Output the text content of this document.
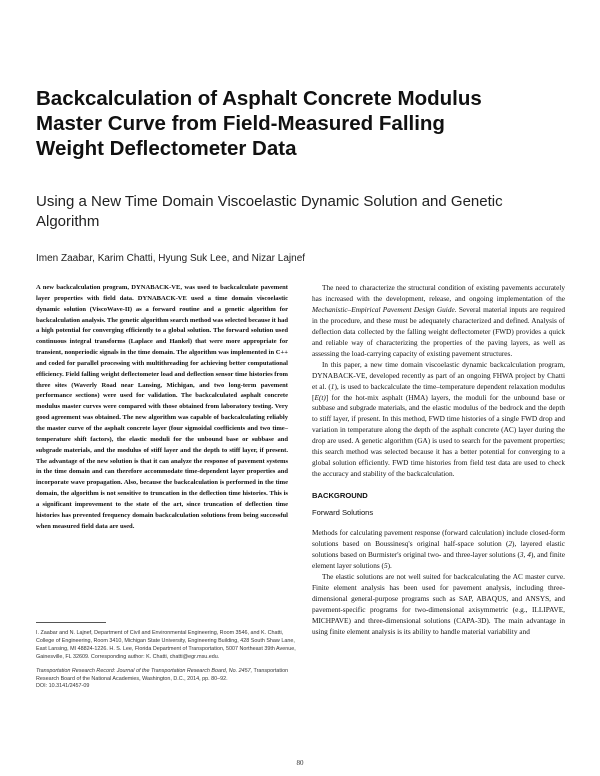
Backcalculation of Asphalt Concrete Modulus Master Curve from Field-Measured Falling Weight Deflectometer Data
Using a New Time Domain Viscoelastic Dynamic Solution and Genetic Algorithm

Imen Zaabar, Karim Chatti, Hyung Suk Lee, and Nizar Lajnef

A new backcalculation program, DYNABACK-VE, was used to backcalculate pavement layer properties with field data. DYNABACK-VE used a time domain viscoelastic dynamic solution (ViscoWave-II) as a forward routine and a genetic algorithm for backcalculation analysis. The genetic algorithm search method was selected because it had a high potential for converging efficiently to a global solution. The forward solution used continuous integral transforms (Laplace and Hankel) that were more appropriate for transient, nonperiodic signals in the time domain. The algorithm was implemented in C++ and coded for parallel processing with multithreading for achieving better computational efficiency. Field falling weight deflectometer load and deflection sensor time histories from three sites (Waverly Road near Lansing, Michigan, and two long-term pavement performance sections) were used for validation. The backcalculated asphalt concrete modulus master curves were compared with those obtained from laboratory testing. Very good agreement was obtained. The new algorithm was capable of backcalculating reliably the master curve of the asphalt concrete layer (four sigmoidal coefficients and two time–temperature shift factors), the elastic moduli for the unbound base or subbase and subgrade materials, and the modulus of stiff layer and the depth to stiff layer, if present. The advantage of the new solution is that it can analyze the response of pavement systems in the time domain and can therefore accommodate time-dependent layer properties and incorporate wave propagation. Also, because the backcalculation is performed in the time domain, the algorithm is not sensitive to truncation in the deflection time histories. This is a significant improvement to the state of the art, since truncation of deflection time histories has prevented frequency domain backcalculation solutions from being successful when measured field data are used.

I. Zaabar and N. Lajnef, Department of Civil and Environmental Engineering, Room 3546, and K. Chatti, College of Engineering, Room 3410, Michigan State University, Engineering Building, 428 South Shaw Lane, East Lansing, MI 48824-1226. H. S. Lee, Florida Department of Transportation, 5007 Northeast 39th Avenue, Gainesville, FL 32609. Corresponding author: K. Chatti, chatti@egr.msu.edu.

Transportation Research Record: Journal of the Transportation Research Board, No. 2457, Transportation Research Board of the National Academies, Washington, D.C., 2014, pp. 80–92.

DOI: 10.3141/2457-09

The need to characterize the structural condition of existing pavements accurately has increased with the development, release, and ongoing implementation of the Mechanistic–Empirical Pavement Design Guide. Several material inputs are required in the procedure, and these must be adequately characterized and defined. Analysis of deflection data collected by the falling weight deflectometer (FWD) provides a quick and reliable way of characterizing the properties of the paving layers, as well as assessing the load-carrying capacity of existing pavement structures.

In this paper, a new time domain viscoelastic dynamic backcalculation program, DYNABACK-VE, developed recently as part of an ongoing FHWA project by Chatti et al. (1), is used to backcalculate the time–temperature dependent relaxation modulus [E(t)] for the hot-mix asphalt (HMA) layers, the moduli for the unbound base or subbase and subgrade materials, and the elastic modulus of the bedrock and the depth to stiff layer, if present. In this method, FWD time histories of a single FWD drop and variation in temperature along the depth of the asphalt concrete (AC) layer during the drop are used. A genetic algorithm (GA) is used to search for the pavement properties; this search method was selected because it has a better potential for converging to a global solution efficiently. FWD time histories from field test data are used to check the accuracy and stability of the backcalculation.

BACKGROUND

Forward Solutions

Methods for calculating pavement response (forward calculation) include closed-form solutions based on Boussinesq's original half-space solution (2), layered elastic solutions based on Burmister's original two- and three-layer solutions (3, 4), and finite element layer solutions (5).

The elastic solutions are not well suited for backcalculating the AC master curve. Finite element analysis has been used for pavement analysis, including three-dimensional general-purpose programs such as SAP, ABAQUS, and ANSYS, and pavement-specific programs for two-dimensional axisymmetric (e.g., ILLIPAVE, MICHPAVE) and three-dimensional solutions (CAPA-3D). The main advantage in using finite element analysis is its ability to handle material variability and

80
